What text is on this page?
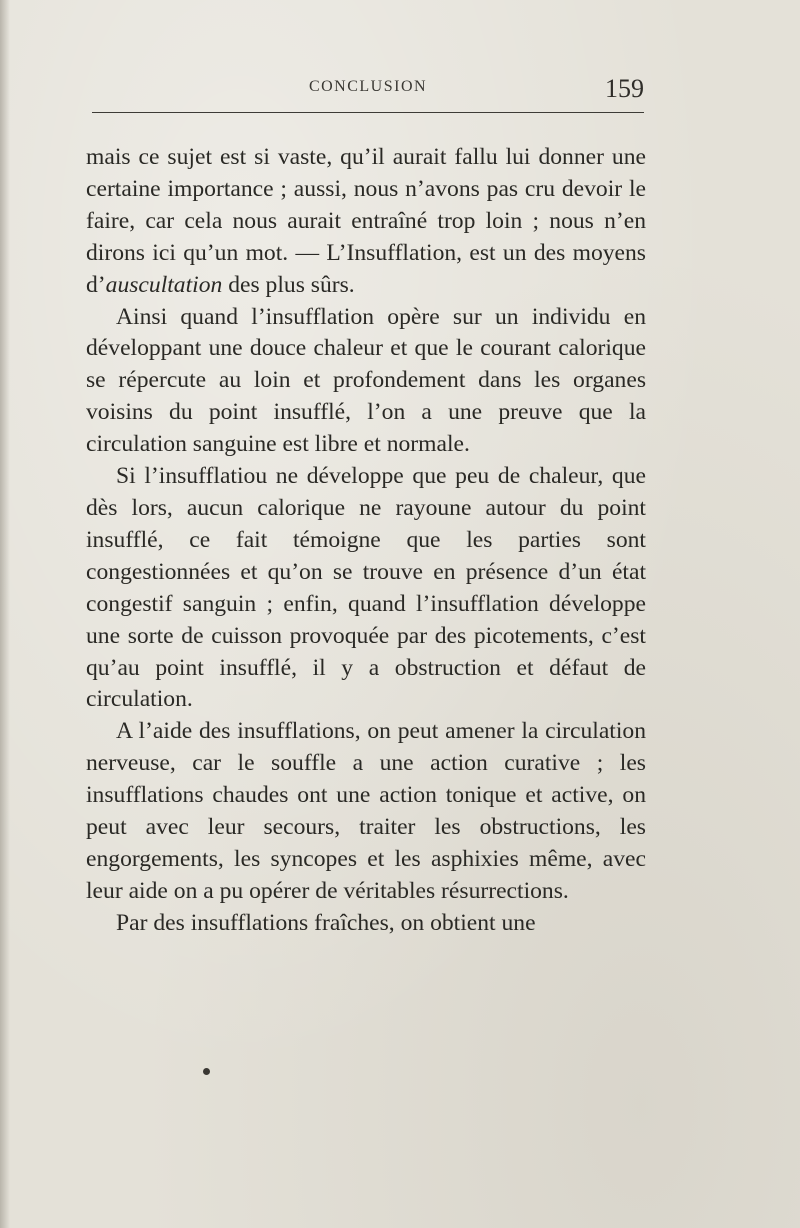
CONCLUSION	159

mais ce sujet est si vaste, qu’il aurait fallu lui donner une certaine importance ; aussi, nous n’avons pas cru devoir le faire, car cela nous aurait entraîné trop loin ; nous n’en dirons ici qu’un mot. — L’Insufflation, est un des moyens d’auscultation des plus sûrs.

Ainsi quand l’insufflation opère sur un individu en développant une douce chaleur et que le courant calorique se répercute au loin et profondement dans les organes voisins du point insufflé, l’on a une preuve que la circulation sanguine est libre et normale.

Si l’insufflatiou ne développe que peu de chaleur, que dès lors, aucun calorique ne rayoune autour du point insufflé, ce fait témoigne que les parties sont congestionnées et qu’on se trouve en présence d’un état congestif sanguin ; enfin, quand l’insufflation développe une sorte de cuisson provoquée par des picotements, c’est qu’au point insufflé, il y a obstruction et défaut de circulation.

A l’aide des insufflations, on peut amener la circulation nerveuse, car le souffle a une action curative ; les insufflations chaudes ont une action tonique et active, on peut avec leur secours, traiter les obstructions, les engorgements, les syncopes et les asphixies même, avec leur aide on a pu opérer de véritables résurrections.

Par des insufflations fraîches, on obtient une
